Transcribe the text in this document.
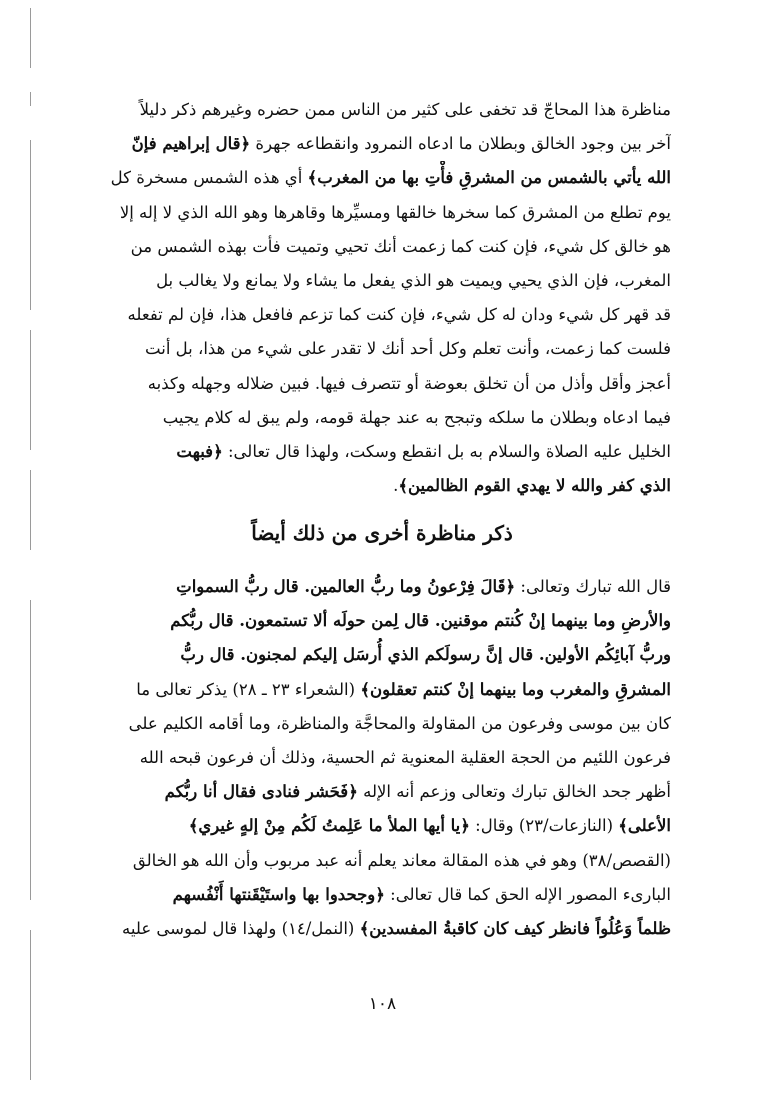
مناظرة هذا المحاجّ قد تخفى على كثير من الناس ممن حضره وغيرهم ذكر دليلاً
آخر بين وجود الخالق وبطلان ما ادعاه النمرود وانقطاعه جهرة ﴿قال إبراهيم فإنّ
الله يأتي بالشمس من المشرقِ فأْتِ بها من المغرب﴾ أي هذه الشمس مسخرة كل
يوم تطلع من المشرق كما سخرها خالقها ومسيِّرها وقاهرها وهو الله الذي لا إله إلا
هو خالق كل شيء، فإن كنت كما زعمت أنك تحيي وتميت فأت بهذه الشمس من
المغرب، فإن الذي يحيي ويميت هو الذي يفعل ما يشاء ولا يمانع ولا يغالب بل
قد قهر كل شيء ودان له كل شيء، فإن كنت كما تزعم فافعل هذا، فإن لم تفعله
فلست كما زعمت، وأنت تعلم وكل أحد أنك لا تقدر على شيء من هذا، بل أنت
أعجز وأقل وأذل من أن تخلق بعوضة أو تتصرف فيها. فبين ضلاله وجهله وكذبه
فيما ادعاه وبطلان ما سلكه وتبجح به عند جهلة قومه، ولم يبق له كلام يجيب
الخليل عليه الصلاة والسلام به بل انقطع وسكت، ولهذا قال تعالى: ﴿فبهت
الذي كفر والله لا يهدي القوم الظالمين﴾.
ذكر مناظرة أخرى من ذلك أيضاً
قال الله تبارك وتعالى: ﴿قَالَ فِرْعونُ وما ربُّ العالمين. قال ربُّ السمواتِ
والأرضِ وما بينهما إنْ كُنتم موقنين. قال لِمن حولَه ألا تستمعون. قال ربُّكم
وربُّ آبائِكُم الأولين. قال إنَّ رسولَكم الذي أُرسَل إليكم لمجنون. قال ربُّ
المشرقِ والمغرب وما بينهما إنْ كنتم تعقلون﴾ (الشعراء ٢٣ ـ ٢٨) يذكر تعالى ما
كان بين موسى وفرعون من المقاولة والمحاجَّة والمناظرة، وما أقامه الكليم على
فرعون اللئيم من الحجة العقلية المعنوية ثم الحسية، وذلك أن فرعون قبحه الله
أظهر جحد الخالق تبارك وتعالى وزعم أنه الإله ﴿فَحَشر فنادى فقال أنا ربُّكم
الأعلى﴾ (النازعات/٢٣) وقال: ﴿يا أيها الملأ ما عَلِمتُ لَكُم مِنْ إلهٍ غيري﴾
(القصص/٣٨) وهو في هذه المقالة معاند يعلم أنه عبد مربوب وأن الله هو الخالق
البارىء المصور الإله الحق كما قال تعالى: ﴿وجحدوا بها واستَيْقَنتها أَنْفُسهم
ظلماً وَعُلُواً فانظر كيف كان كاقبةُ المفسدين﴾ (النمل/١٤) ولهذا قال لموسى عليه
١٠٨
